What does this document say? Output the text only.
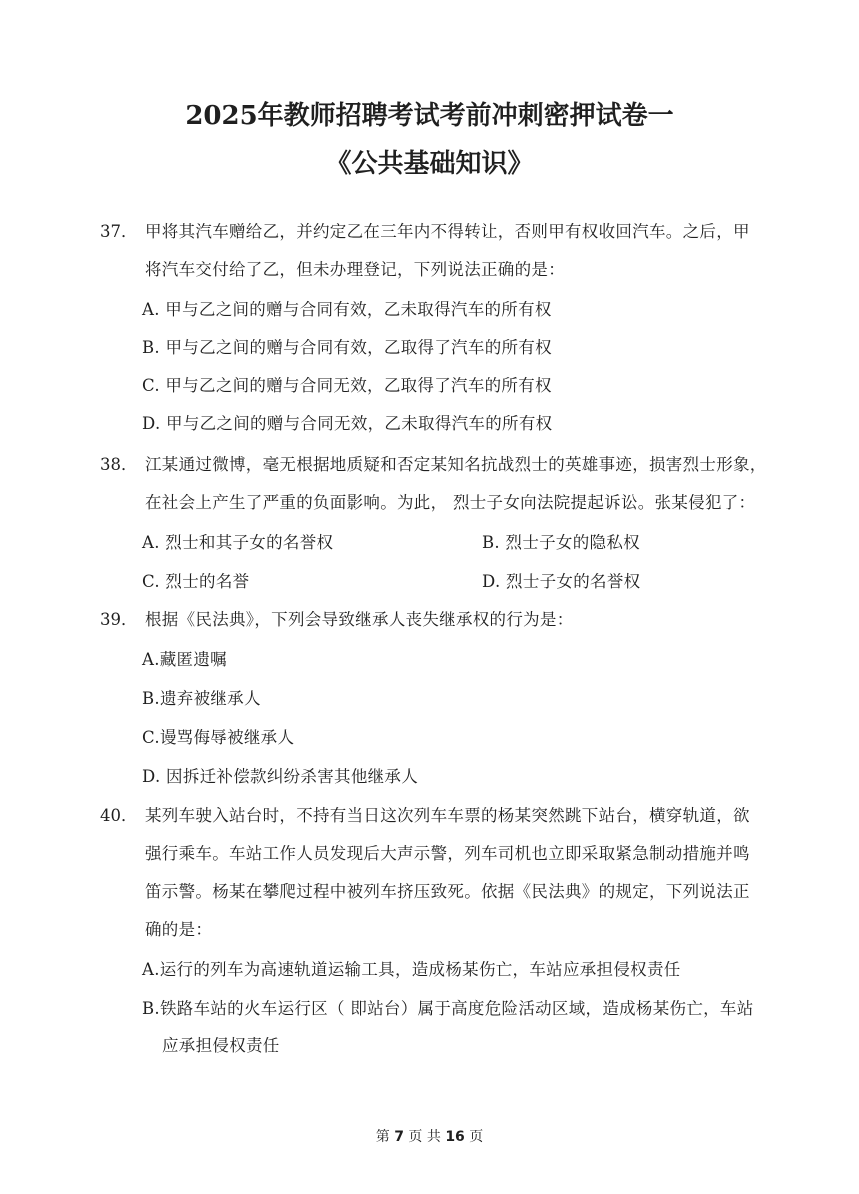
2025年教师招聘考试考前冲刺密押试卷一
《公共基础知识》
37． 甲将其汽车赠给乙，并约定乙在三年内不得转让，否则甲有权收回汽车。之后，甲

将汽车交付给了乙，但未办理登记，下列说法正确的是：

A. 甲与乙之间的赠与合同有效，乙未取得汽车的所有权

B. 甲与乙之间的赠与合同有效，乙取得了汽车的所有权

C. 甲与乙之间的赠与合同无效，乙取得了汽车的所有权

D. 甲与乙之间的赠与合同无效，乙未取得汽车的所有权

38． 江某通过微博，毫无根据地质疑和否定某知名抗战烈士的英雄事迹，损害烈士形象，

在社会上产生了严重的负面影响。为此， 烈士子女向法院提起诉讼。张某侵犯了：

A. 烈士和其子女的名誉权	B. 烈士子女的隐私权

C. 烈士的名誉	D. 烈士子女的名誉权

39． 根据《民法典》，下列会导致继承人丧失继承权的行为是：

A.藏匿遗嘱

B.遗弃被继承人

C.谩骂侮辱被继承人

D. 因拆迁补偿款纠纷杀害其他继承人

40． 某列车驶入站台时，不持有当日这次列车车票的杨某突然跳下站台，横穿轨道，欲

强行乘车。车站工作人员发现后大声示警，列车司机也立即采取紧急制动措施并鸣

笛示警。杨某在攀爬过程中被列车挤压致死。依据《民法典》的规定，下列说法正

确的是：

A.运行的列车为高速轨道运输工具，造成杨某伤亡，车站应承担侵权责任

B.铁路车站的火车运行区（ 即站台）属于高度危险活动区域，造成杨某伤亡，车站

应承担侵权责任

第 7 页 共 16 页
